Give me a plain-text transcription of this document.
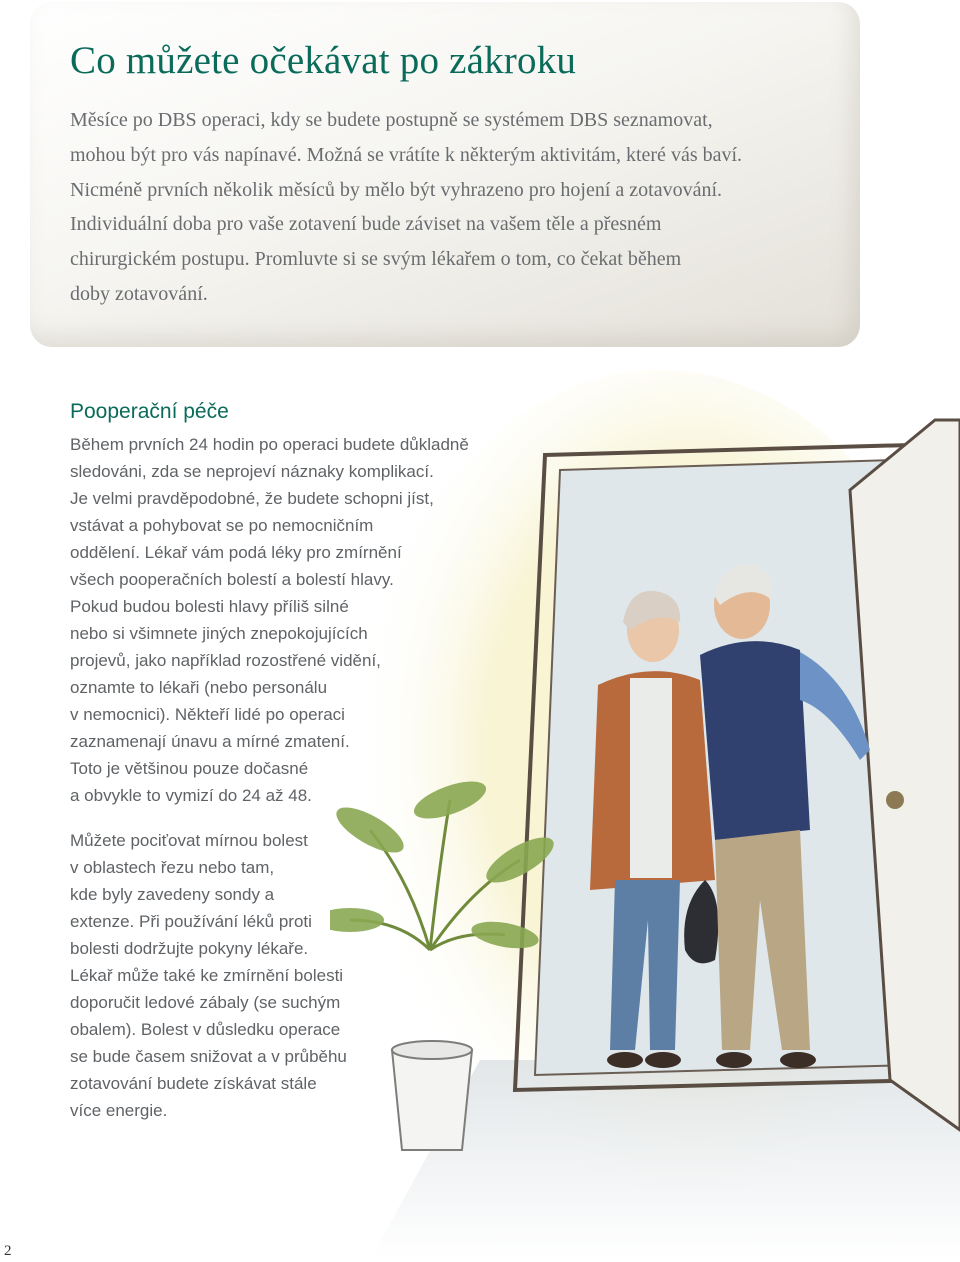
Co můžete očekávat po zákroku

Měsíce po DBS operaci, kdy se budete postupně se systémem DBS seznamovat,
mohou být pro vás napínavé. Možná se vrátíte k některým aktivitám, které vás baví.
Nicméně prvních několik měsíců by mělo být vyhrazeno pro hojení a zotavování.
Individuální doba pro vaše zotavení bude záviset na vašem těle a přesném
chirurgickém postupu. Promluvte si se svým lékařem o tom, co čekat během
doby zotavování.

Pooperační péče

Během prvních 24 hodin po operaci budete důkladně
sledováni, zda se neprojeví náznaky komplikací.
Je velmi pravděpodobné, že budete schopni jíst,
vstávat a pohybovat se po nemocničním
oddělení. Lékař vám podá léky pro zmírnění
všech pooperačních bolestí a bolestí hlavy.
Pokud budou bolesti hlavy příliš silné
nebo si všimnete jiných znepokojujících
projevů, jako například rozostřené vidění,
oznamte to lékaři (nebo personálu
v nemocnici). Někteří lidé po operaci
zaznamenají únavu a mírné zmatení.
Toto je většinou pouze dočasné
a obvykle to vymizí do 24 až 48.

Můžete pociťovat mírnou bolest
v oblastech řezu nebo tam,
kde byly zavedeny sondy a
extenze. Při používání léků proti
bolesti dodržujte pokyny lékaře.
Lékař může také ke zmírnění bolesti
doporučit ledové zábaly (se suchým
obalem). Bolest v důsledku operace
se bude časem snižovat a v průběhu
zotavování budete získávat stále
více energie.

2
